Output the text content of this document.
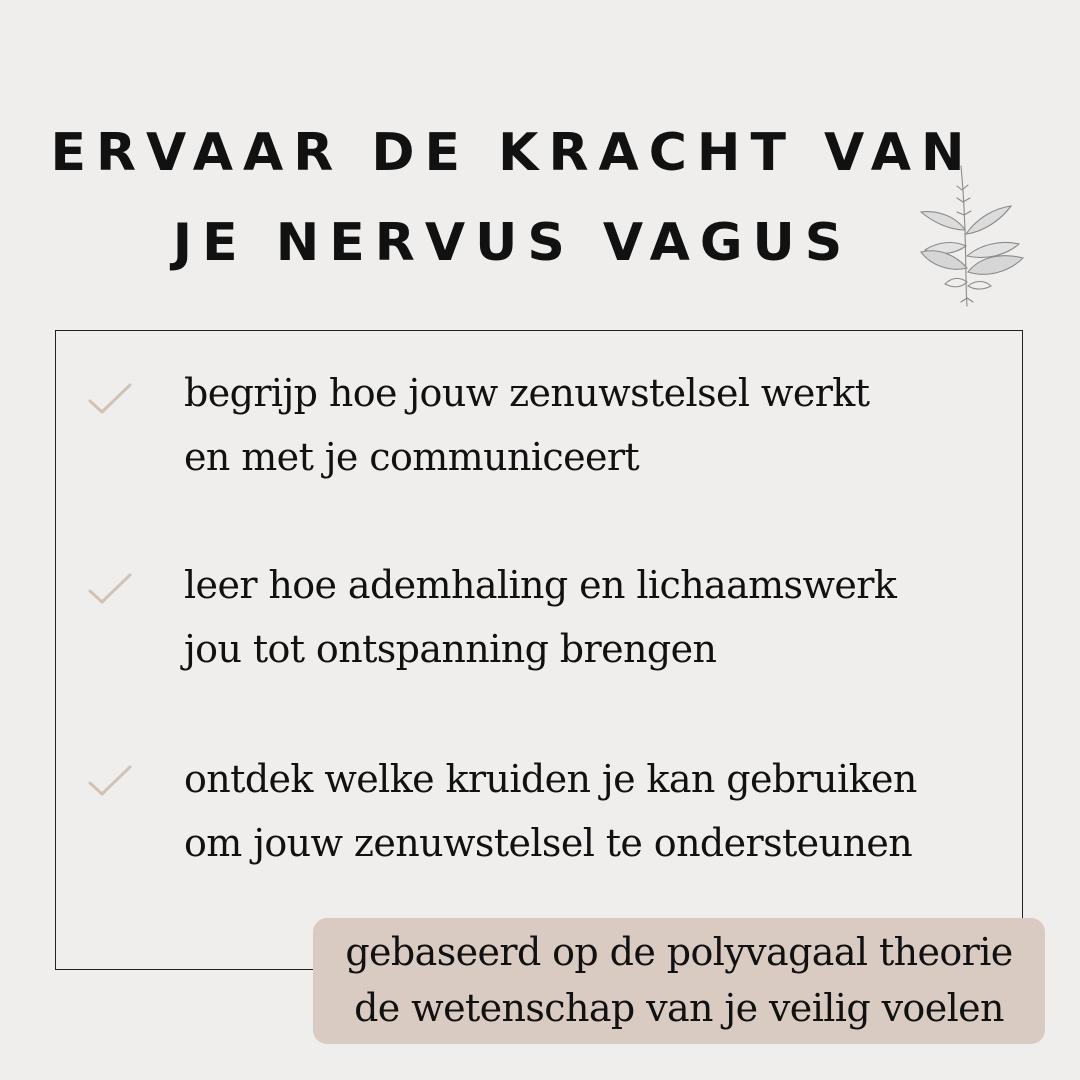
ERVAAR DE KRACHT VAN
JE NERVUS VAGUS

begrijp hoe jouw zenuwstelsel werkt
en met je communiceert

leer hoe ademhaling en lichaamswerk
jou tot ontspanning brengen

ontdek welke kruiden je kan gebruiken
om jouw zenuwstelsel te ondersteunen

gebaseerd op de polyvagaal theorie
de wetenschap van je veilig voelen
